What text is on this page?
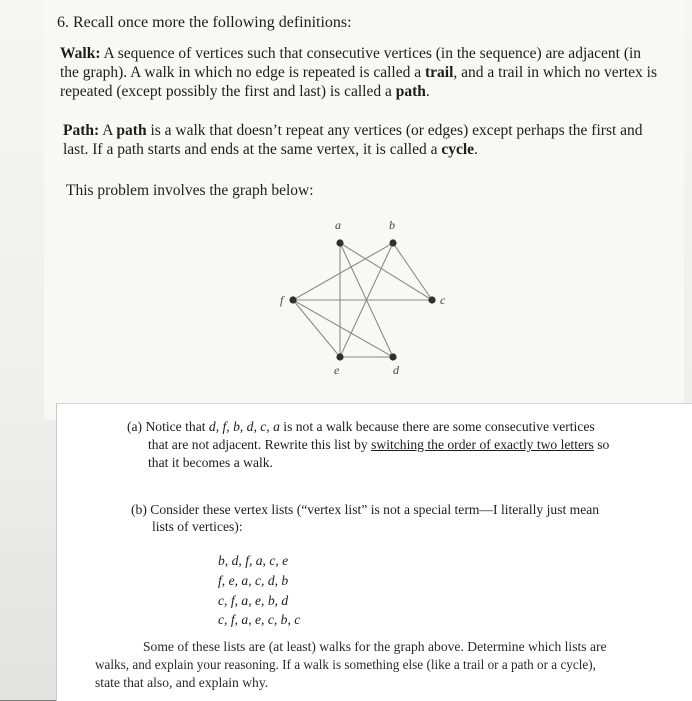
6. Recall once more the following definitions:
Walk: A sequence of vertices such that consecutive vertices (in the sequence) are adjacent (in
the graph). A walk in which no edge is repeated is called a trail, and a trail in which no vertex is
repeated (except possibly the first and last) is called a path.
Path: A path is a walk that doesn’t repeat any vertices (or edges) except perhaps the first and
last. If a path starts and ends at the same vertex, it is called a cycle.
This problem involves the graph below:
a	b
c
d
e
f
(a) Notice that d, f, b, d, c, a is not a walk because there are some consecutive vertices
that are not adjacent. Rewrite this list by switching the order of exactly two letters so
that it becomes a walk.
(b) Consider these vertex lists (“vertex list” is not a special term—I literally just mean
lists of vertices):
b, d, f, a, c, e
f, e, a, c, d, b
c, f, a, e, b, d
c, f, a, e, c, b, c
Some of these lists are (at least) walks for the graph above. Determine which lists are
walks, and explain your reasoning. If a walk is something else (like a trail or a path or a cycle),
state that also, and explain why.
